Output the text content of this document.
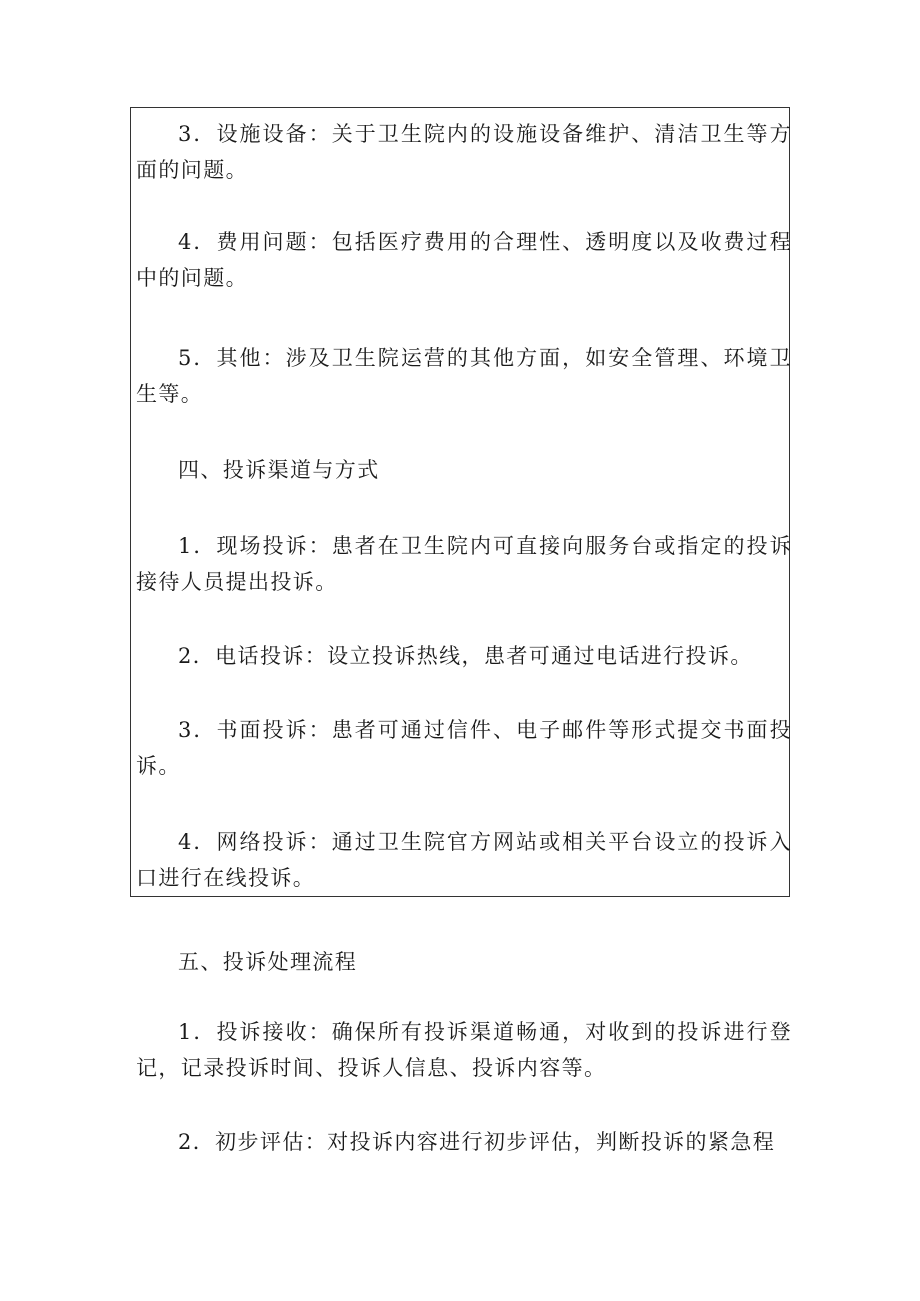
3．设施设备：关于卫生院内的设施设备维护、清洁卫生等方面的问题。

4．费用问题：包括医疗费用的合理性、透明度以及收费过程中的问题。

5．其他：涉及卫生院运营的其他方面，如安全管理、环境卫生等。

四、投诉渠道与方式

1．现场投诉：患者在卫生院内可直接向服务台或指定的投诉接待人员提出投诉。

2．电话投诉：设立投诉热线，患者可通过电话进行投诉。

3．书面投诉：患者可通过信件、电子邮件等形式提交书面投诉。

4．网络投诉：通过卫生院官方网站或相关平台设立的投诉入口进行在线投诉。

五、投诉处理流程

1．投诉接收：确保所有投诉渠道畅通，对收到的投诉进行登记，记录投诉时间、投诉人信息、投诉内容等。

2．初步评估：对投诉内容进行初步评估，判断投诉的紧急程
